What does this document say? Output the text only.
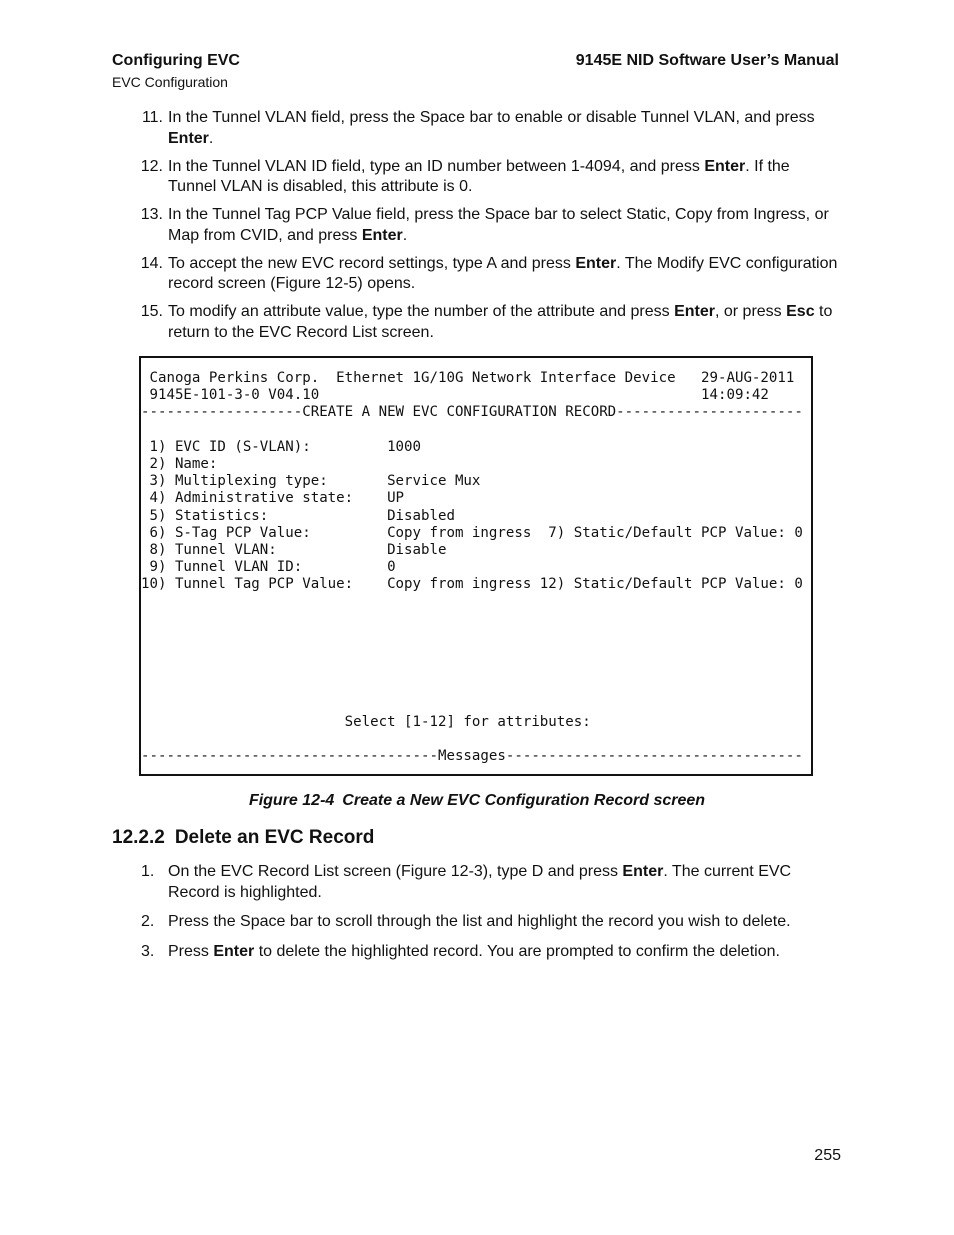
Configuring EVC
EVC Configuration
9145E NID Software User’s Manual
11. In the Tunnel VLAN field, press the Space bar to enable or disable Tunnel VLAN, and press Enter.
12. In the Tunnel VLAN ID field, type an ID number between 1-4094, and press Enter. If the Tunnel VLAN is disabled, this attribute is 0.
13. In the Tunnel Tag PCP Value field, press the Space bar to select Static, Copy from Ingress, or Map from CVID, and press Enter.
14. To accept the new EVC record settings, type A and press Enter. The Modify EVC configuration record screen (Figure 12-5) opens.
15. To modify an attribute value, type the number of the attribute and press Enter, or press Esc to return to the EVC Record List screen.
Canoga Perkins Corp.  Ethernet 1G/10G Network Interface Device   29-AUG-2011
9145E-101-3-0 V04.10                                             14:09:42
-------------------CREATE A NEW EVC CONFIGURATION RECORD----------------------

1) EVC ID (S-VLAN):         1000
2) Name:
3) Multiplexing type:       Service Mux
4) Administrative state:    UP
5) Statistics:              Disabled
6) S-Tag PCP Value:         Copy from ingress  7) Static/Default PCP Value: 0
8) Tunnel VLAN:             Disable
9) Tunnel VLAN ID:          0
10) Tunnel Tag PCP Value:    Copy from ingress 12) Static/Default PCP Value: 0

Select [1-12] for attributes:

-----------------------------------Messages-----------------------------------
Figure 12-4 Create a New EVC Configuration Record screen
12.2.2 Delete an EVC Record
1. On the EVC Record List screen (Figure 12-3), type D and press Enter. The current EVC Record is highlighted.
2. Press the Space bar to scroll through the list and highlight the record you wish to delete.
3. Press Enter to delete the highlighted record. You are prompted to confirm the deletion.
255
